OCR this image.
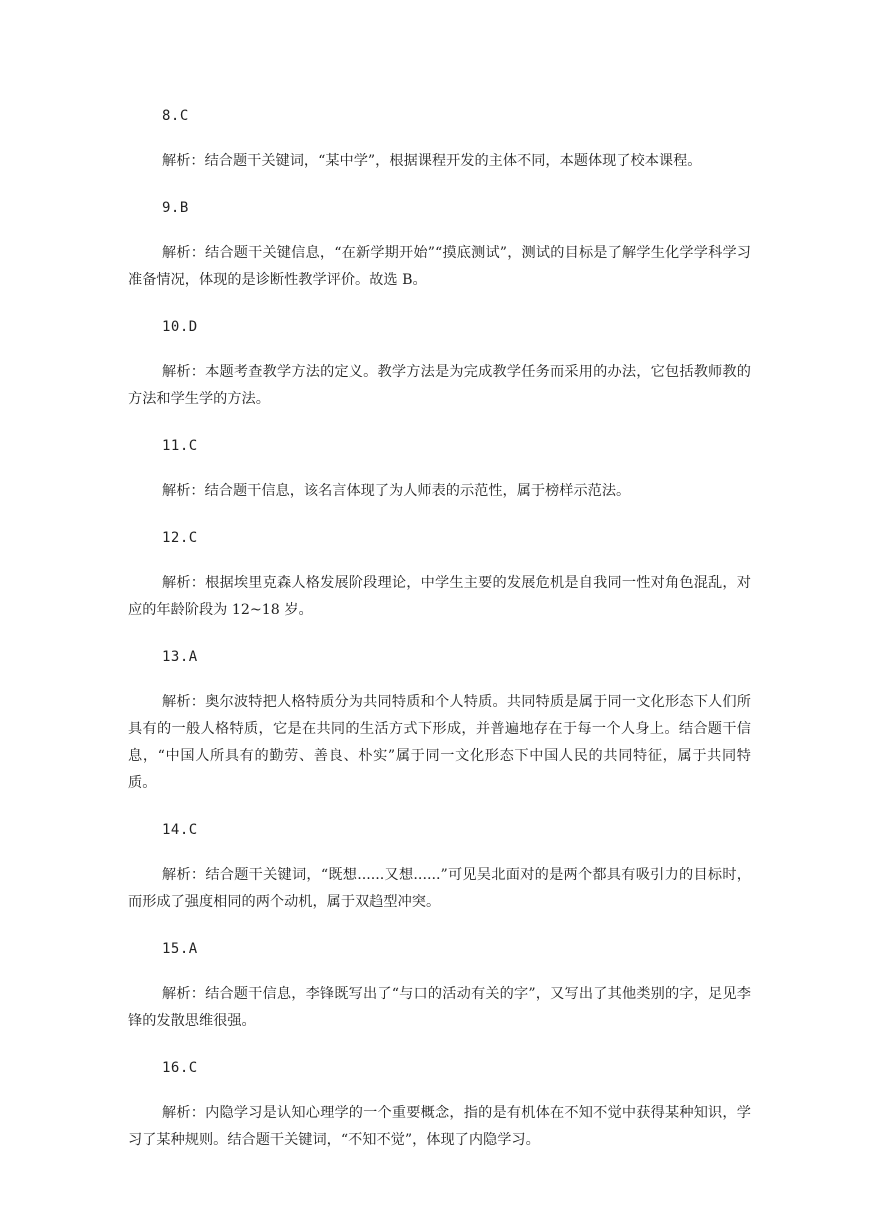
8.C

解析：结合题干关键词，“某中学”，根据课程开发的主体不同，本题体现了校本课程。

9.B

解析：结合题干关键信息，“在新学期开始”“摸底测试”，测试的目标是了解学生化学学科学习准备情况，体现的是诊断性教学评价。故选 B。

10.D

解析：本题考查教学方法的定义。教学方法是为完成教学任务而采用的办法，它包括教师教的方法和学生学的方法。

11.C

解析：结合题干信息，该名言体现了为人师表的示范性，属于榜样示范法。

12.C

解析：根据埃里克森人格发展阶段理论，中学生主要的发展危机是自我同一性对角色混乱，对应的年龄阶段为 12~18 岁。

13.A

解析：奥尔波特把人格特质分为共同特质和个人特质。共同特质是属于同一文化形态下人们所具有的一般人格特质，它是在共同的生活方式下形成，并普遍地存在于每一个人身上。结合题干信息，“中国人所具有的勤劳、善良、朴实”属于同一文化形态下中国人民的共同特征，属于共同特质。

14.C

解析：结合题干关键词，“既想......又想......”可见吴北面对的是两个都具有吸引力的目标时，而形成了强度相同的两个动机，属于双趋型冲突。

15.A

解析：结合题干信息，李锋既写出了“与口的活动有关的字”，又写出了其他类别的字，足见李锋的发散思维很强。

16.C

解析：内隐学习是认知心理学的一个重要概念，指的是有机体在不知不觉中获得某种知识，学习了某种规则。结合题干关键词，“不知不觉”，体现了内隐学习。
